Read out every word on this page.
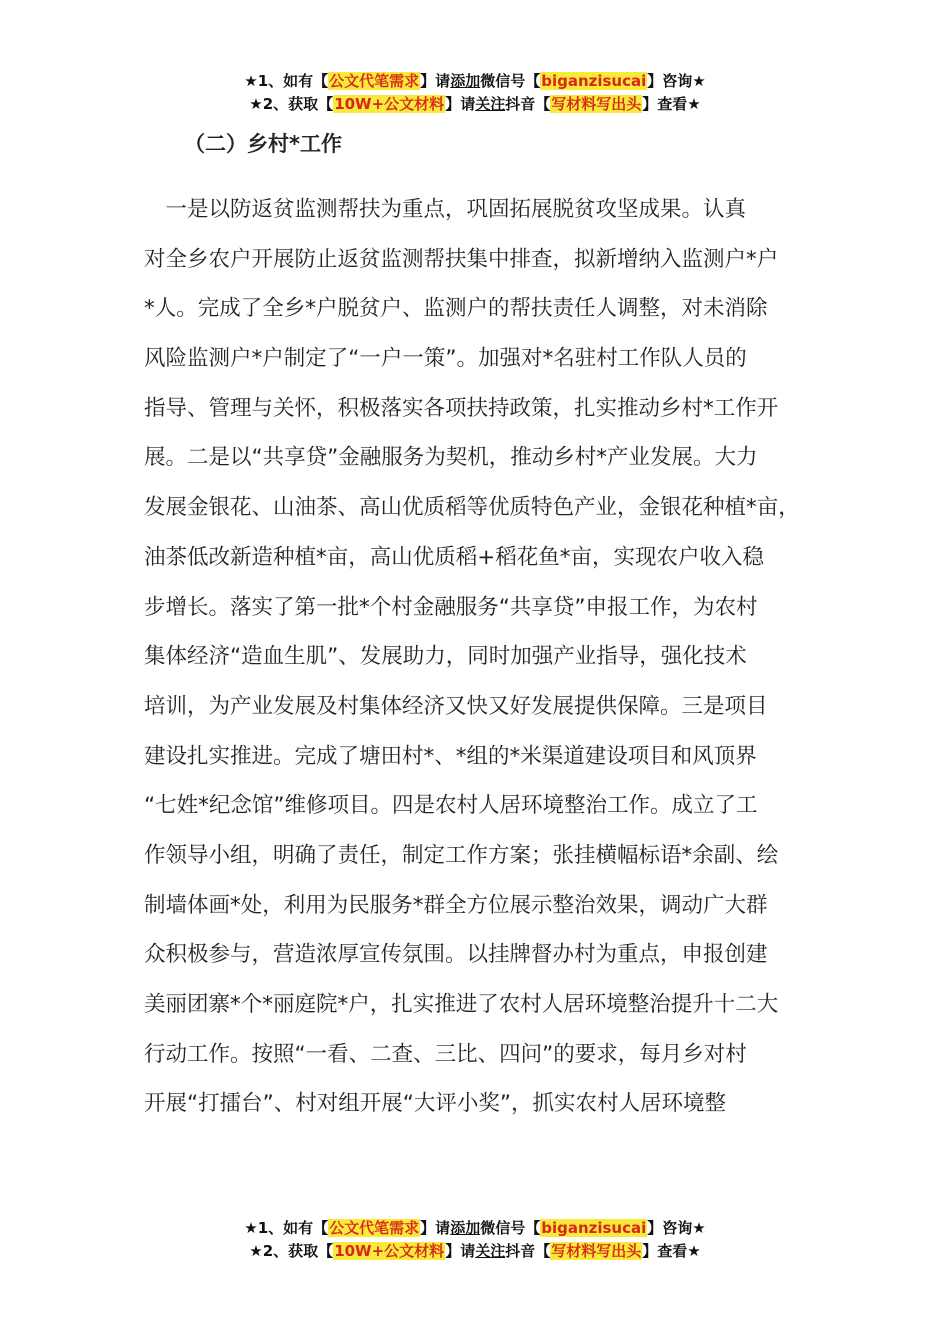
★1、如有【公文代笔需求】请添加微信号【biganzisucai】咨询★
★2、获取【10W+公文材料】请关注抖音【写材料写出头】查看★
（二）乡村*工作
　一是以防返贫监测帮扶为重点，巩固拓展脱贫攻坚成果。认真
对全乡农户开展防止返贫监测帮扶集中排查，拟新增纳入监测户*户
*人。完成了全乡*户脱贫户、监测户的帮扶责任人调整，对未消除
风险监测户*户制定了“一户一策”。加强对*名驻村工作队人员的
指导、管理与关怀，积极落实各项扶持政策，扎实推动乡村*工作开
展。二是以“共享贷”金融服务为契机，推动乡村*产业发展。大力
发展金银花、山油茶、高山优质稻等优质特色产业，金银花种植*亩，
油茶低改新造种植*亩，高山优质稻+稻花鱼*亩，实现农户收入稳
步增长。落实了第一批*个村金融服务“共享贷”申报工作，为农村
集体经济“造血生肌”、发展助力，同时加强产业指导，强化技术
培训，为产业发展及村集体经济又快又好发展提供保障。三是项目
建设扎实推进。完成了塘田村*、*组的*米渠道建设项目和风顶界
“七姓*纪念馆”维修项目。四是农村人居环境整治工作。成立了工
作领导小组，明确了责任，制定工作方案；张挂横幅标语*余副、绘
制墙体画*处，利用为民服务*群全方位展示整治效果，调动广大群
众积极参与，营造浓厚宣传氛围。以挂牌督办村为重点，申报创建
美丽团寨*个*丽庭院*户，扎实推进了农村人居环境整治提升十二大
行动工作。按照“一看、二查、三比、四问”的要求，每月乡对村
开展“打擂台”、村对组开展“大评小奖”，抓实农村人居环境整
★1、如有【公文代笔需求】请添加微信号【biganzisucai】咨询★
★2、获取【10W+公文材料】请关注抖音【写材料写出头】查看★
